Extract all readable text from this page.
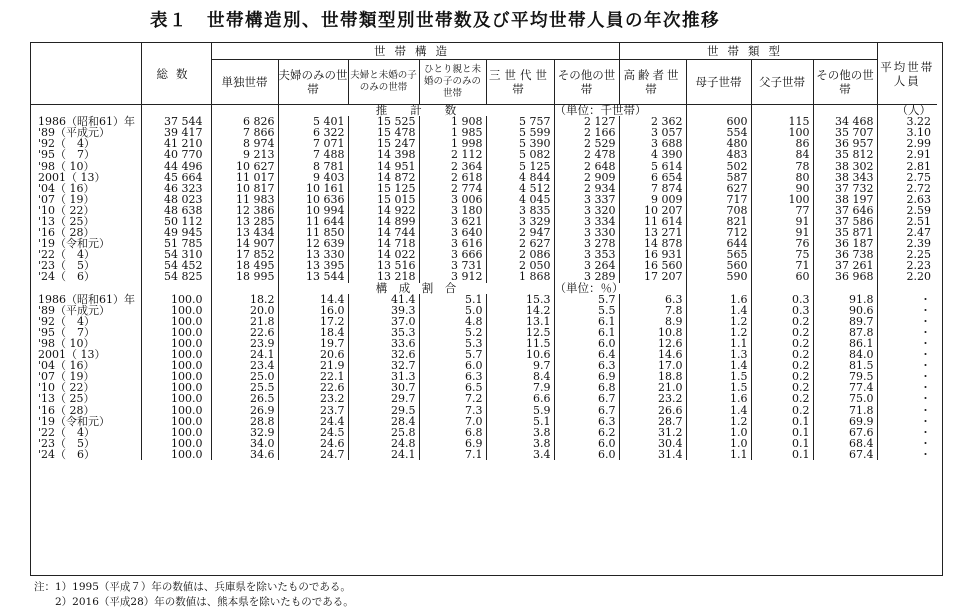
表１　世帯構造別、世帯類型別世帯数及び平均世帯人員の年次推移
	総数	世帯構造						世帯類型				平均世帯人員
		単独世帯	夫婦のみの世帯	夫婦と未婚の子のみの世帯	ひとり親と未婚の子のみの世帯	三世代世帯	その他の世帯	高齢者世帯	母子世帯	父子世帯	その他の世帯	
			推　　計　　数				（単位：千世帯）					（人）
1986（昭和61）年	37 544	6 826	5 401	15 525	1 908	5 757	2 127	2 362	600	115	34 468	3.22
'89（平成元）	39 417	7 866	6 322	15 478	1 985	5 599	2 166	3 057	554	100	35 707	3.10
'92（　4）	41 210	8 974	7 071	15 247	1 998	5 390	2 529	3 688	480	86	36 957	2.99
'95（　7）	40 770	9 213	7 488	14 398	2 112	5 082	2 478	4 390	483	84	35 812	2.91
'98（ 10）	44 496	10 627	8 781	14 951	2 364	5 125	2 648	5 614	502	78	38 302	2.81
2001（ 13）	45 664	11 017	9 403	14 872	2 618	4 844	2 909	6 654	587	80	38 343	2.75
'04（ 16）	46 323	10 817	10 161	15 125	2 774	4 512	2 934	7 874	627	90	37 732	2.72
'07（ 19）	48 023	11 983	10 636	15 015	3 006	4 045	3 337	9 009	717	100	38 197	2.63
'10（ 22）	48 638	12 386	10 994	14 922	3 180	3 835	3 320	10 207	708	77	37 646	2.59
'13（ 25）	50 112	13 285	11 644	14 899	3 621	3 329	3 334	11 614	821	91	37 586	2.51
'16（ 28）	49 945	13 434	11 850	14 744	3 640	2 947	3 330	13 271	712	91	35 871	2.47
'19（令和元）	51 785	14 907	12 639	14 718	3 616	2 627	3 278	14 878	644	76	36 187	2.39
'22（　4）	54 310	17 852	13 330	14 022	3 666	2 086	3 353	16 931	565	75	36 738	2.25
'23（　5）	54 452	18 495	13 395	13 516	3 731	2 050	3 264	16 560	560	71	37 261	2.23
'24（　6）	54 825	18 995	13 544	13 218	3 912	1 868	3 289	17 207	590	60	36 968	2.20
			構　成　割　合				（単位：％）					
1986（昭和61）年	100.0	18.2	14.4	41.4	5.1	15.3	5.7	6.3	1.6	0.3	91.8	・
'89（平成元）	100.0	20.0	16.0	39.3	5.0	14.2	5.5	7.8	1.4	0.3	90.6	・
'92（　4）	100.0	21.8	17.2	37.0	4.8	13.1	6.1	8.9	1.2	0.2	89.7	・
'95（　7）	100.0	22.6	18.4	35.3	5.2	12.5	6.1	10.8	1.2	0.2	87.8	・
'98（ 10）	100.0	23.9	19.7	33.6	5.3	11.5	6.0	12.6	1.1	0.2	86.1	・
2001（ 13）	100.0	24.1	20.6	32.6	5.7	10.6	6.4	14.6	1.3	0.2	84.0	・
'04（ 16）	100.0	23.4	21.9	32.7	6.0	9.7	6.3	17.0	1.4	0.2	81.5	・
'07（ 19）	100.0	25.0	22.1	31.3	6.3	8.4	6.9	18.8	1.5	0.2	79.5	・
'10（ 22）	100.0	25.5	22.6	30.7	6.5	7.9	6.8	21.0	1.5	0.2	77.4	・
'13（ 25）	100.0	26.5	23.2	29.7	7.2	6.6	6.7	23.2	1.6	0.2	75.0	・
'16（ 28）	100.0	26.9	23.7	29.5	7.3	5.9	6.7	26.6	1.4	0.2	71.8	・
'19（令和元）	100.0	28.8	24.4	28.4	7.0	5.1	6.3	28.7	1.2	0.1	69.9	・
'22（　4）	100.0	32.9	24.5	25.8	6.8	3.8	6.2	31.2	1.0	0.1	67.6	・
'23（　5）	100.0	34.0	24.6	24.8	6.9	3.8	6.0	30.4	1.0	0.1	68.4	・
'24（　6）	100.0	34.6	24.7	24.1	7.1	3.4	6.0	31.4	1.1	0.1	67.4	・
注：1）1995（平成７）年の数値は、兵庫県を除いたものである。
　　2）2016（平成28）年の数値は、熊本県を除いたものである。
